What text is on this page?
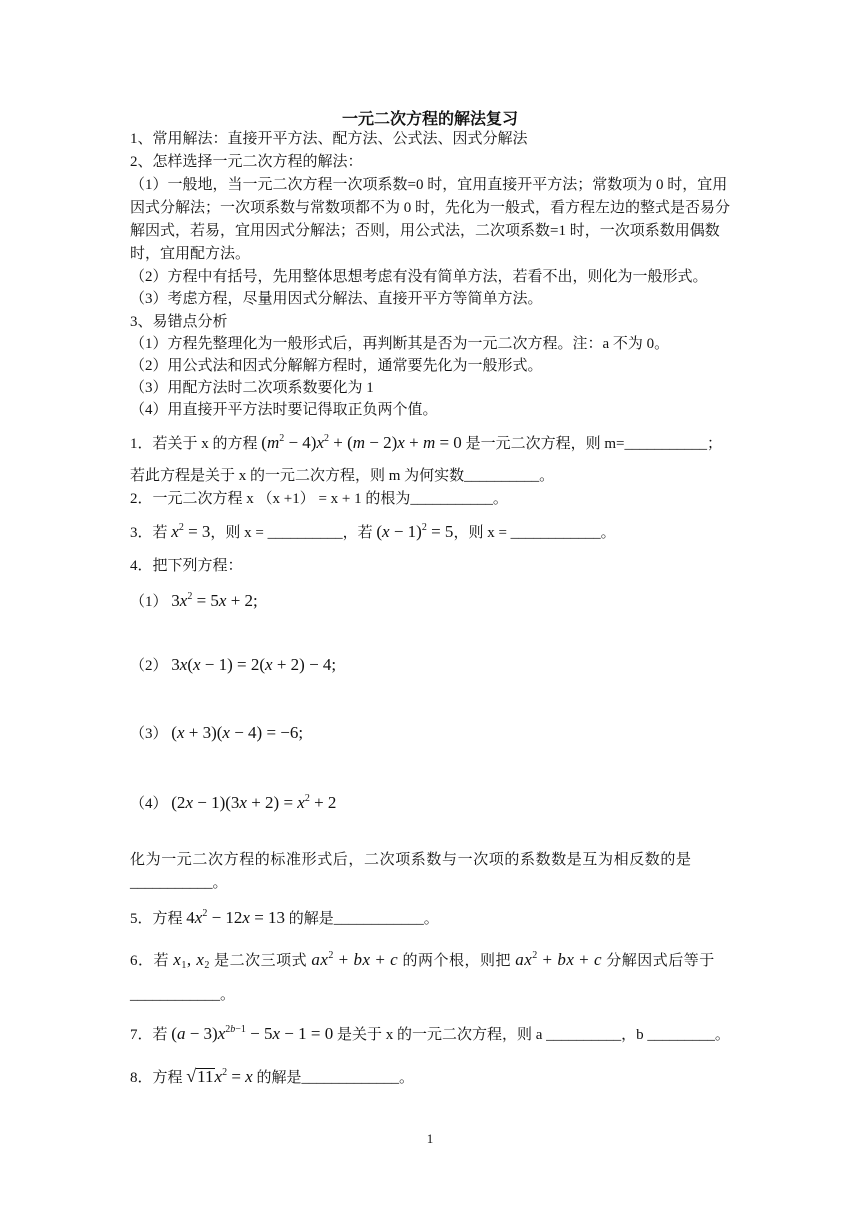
一元二次方程的解法复习
1、常用解法：直接开平方法、配方法、公式法、因式分解法
2、怎样选择一元二次方程的解法：
（1）一般地，当一元二次方程一次项系数=0 时，宜用直接开平方法；常数项为 0 时，宜用
因式分解法；一次项系数与常数项都不为 0 时，先化为一般式，看方程左边的整式是否易分
解因式，若易，宜用因式分解法；否则，用公式法，二次项系数=1 时，一次项系数用偶数
时，宜用配方法。
（2）方程中有括号，先用整体思想考虑有没有简单方法，若看不出，则化为一般形式。
（3）考虑方程，尽量用因式分解法、直接开平方等简单方法。
3、易错点分析
（1）方程先整理化为一般形式后，再判断其是否为一元二次方程。注：a 不为 0。
（2）用公式法和因式分解解方程时，通常要先化为一般形式。
（3）用配方法时二次项系数要化为 1
（4）用直接开平方法时要记得取正负两个值。
1．若关于 x 的方程 $(m^2 - 4)x^2 + (m - 2)x + m = 0$ 是一元二次方程，则 m=___________；
若此方程是关于 x 的一元二次方程，则 m 为何实数__________。
2．一元二次方程 x （x +1） = x + 1 的根为___________。
3．若 $x^2 = 3$，则 x = __________，若 $(x - 1)^2 = 5$，则 x = ____________。
4．把下列方程：
（1） $3x^2 = 5x + 2$;
（2） 3x(x − 1) = 2(x + 2) − 4;
（3） (x + 3)(x − 4) = −6;
（4） $(2x - 1)(3x + 2) = x^2 + 2$
化为一元二次方程的标准形式后，二次项系数与一次项的系数数是互为相反数的是
___________。
5．方程 $4x^2 - 12x = 13$ 的解是____________。
6．若 $x_1$, $x_2$ 是二次三项式 $ax^2$ + bx + c 的两个根，则把 $ax^2$ + bx + c 分解因式后等于
____________。
7．若 $(a - 3)x^{2b-1} - 5x - 1 = 0$ 是关于 x 的一元二次方程，则 a __________，b _________。
8．方程 $√11x^2 = x$ 的解是_____________。
1
